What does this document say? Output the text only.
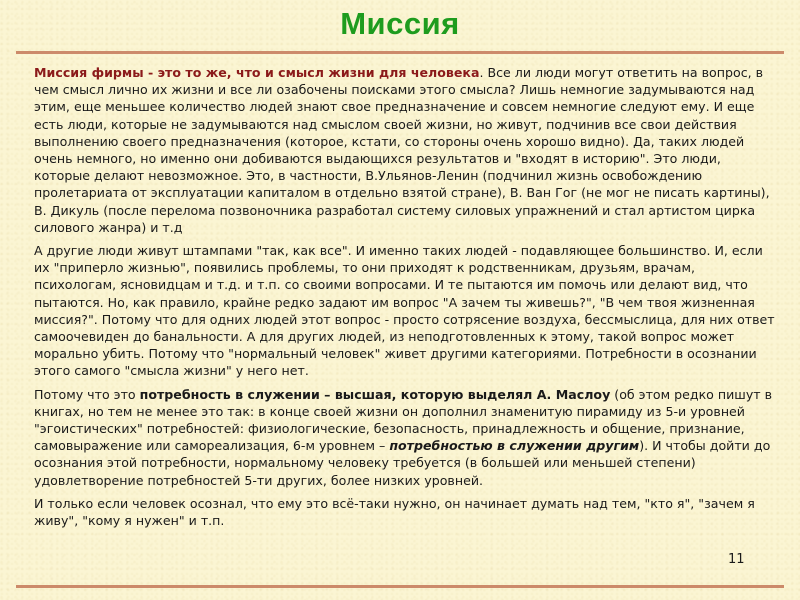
Миссия

Миссия фирмы - это то же, что и смысл жизни для человека. Все ли люди могут ответить на вопрос, в чем смысл лично их жизни и все ли озабочены поисками этого смысла? Лишь немногие задумываются над этим, еще меньшее количество людей знают свое предназначение и совсем немногие следуют ему. И еще есть люди, которые не задумываются над смыслом своей жизни, но живут, подчинив все свои действия выполнению своего предназначения (которое, кстати, со стороны очень хорошо видно). Да, таких людей очень немного, но именно они добиваются выдающихся результатов и "входят в историю". Это люди, которые делают невозможное. Это, в частности, В.Ульянов-Ленин (подчинил жизнь освобождению пролетариата от эксплуатации капиталом в отдельно взятой стране), В. Ван Гог (не мог не писать картины), В. Дикуль (после перелома позвоночника разработал систему силовых упражнений и стал артистом цирка силового жанра) и т.д

А другие люди живут штампами "так, как все". И именно таких людей - подавляющее большинство. И, если их "приперло жизнью", появились проблемы, то они приходят к родственникам, друзьям, врачам, психологам, ясновидцам и т.д. и т.п. со своими вопросами. И те пытаются им помочь или делают вид, что пытаются. Но, как правило, крайне редко задают им вопрос "А зачем ты живешь?", "В чем твоя жизненная миссия?". Потому что для одних людей этот вопрос - просто сотрясение воздуха, бессмыслица, для них ответ самоочевиден до банальности. А для других людей, из неподготовленных к этому, такой вопрос может морально убить. Потому что "нормальный человек" живет другими категориями. Потребности в осознании этого самого "смысла жизни" у него нет.

Потому что это потребность в служении – высшая, которую выделял А. Маслоу (об этом редко пишут в книгах, но тем не менее это так: в конце своей жизни он дополнил знаменитую пирамиду из 5-и уровней "эгоистических" потребностей: физиологические, безопасность, принадлежность и общение, признание, самовыражение или самореализация, 6-м уровнем – потребностью в служении другим). И чтобы дойти до осознания этой потребности, нормальному человеку требуется (в большей или меньшей степени) удовлетворение потребностей 5-ти других, более низких уровней.

И только если человек осознал, что ему это всё-таки нужно, он начинает думать над тем, "кто я", "зачем я живу", "кому я нужен" и т.п.

11
